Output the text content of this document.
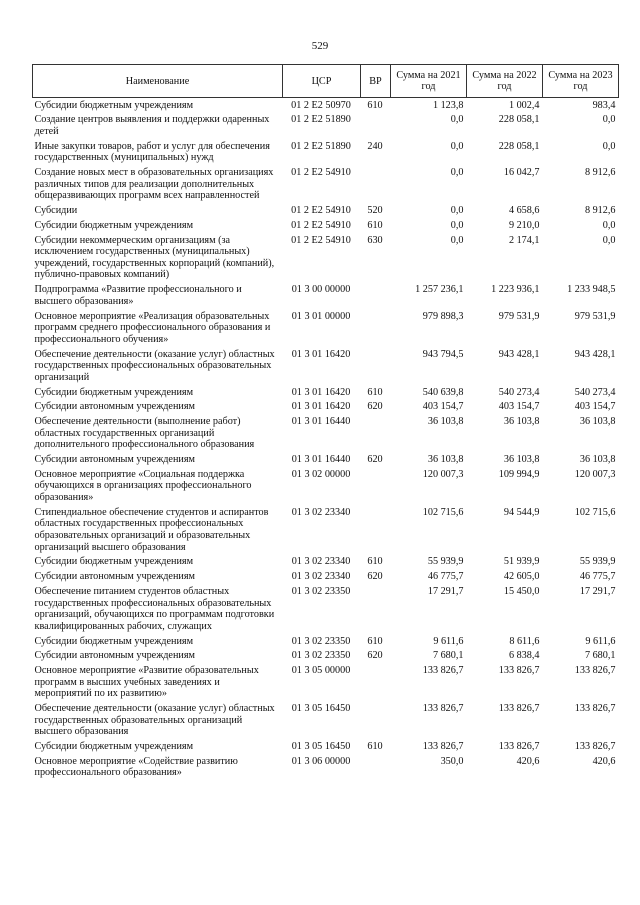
529
Наименование	ЦСР	ВР	Сумма на 2021 год	Сумма на 2022 год	Сумма на 2023 год
Субсидии бюджетным учреждениям	01 2 E2 50970	610	1 123,8	1 002,4	983,4
Создание центров выявления и поддержки одаренных детей	01 2 E2 51890		0,0	228 058,1	0,0
Иные закупки товаров, работ и услуг для обеспечения государственных (муниципальных) нужд	01 2 E2 51890	240	0,0	228 058,1	0,0
Создание новых мест в образовательных организациях различных типов для реализации дополнительных общеразвивающих программ всех направленностей	01 2 E2 54910		0,0	16 042,7	8 912,6
Субсидии	01 2 E2 54910	520	0,0	4 658,6	8 912,6
Субсидии бюджетным учреждениям	01 2 E2 54910	610	0,0	9 210,0	0,0
Субсидии некоммерческим организациям (за исключением государственных (муниципальных) учреждений, государственных корпораций (компаний), публично-правовых компаний)	01 2 E2 54910	630	0,0	2 174,1	0,0
Подпрограмма «Развитие профессионального и высшего образования»	01 3 00 00000		1 257 236,1	1 223 936,1	1 233 948,5
Основное мероприятие «Реализация образовательных программ среднего профессионального образования и профессионального обучения»	01 3 01 00000		979 898,3	979 531,9	979 531,9
Обеспечение деятельности (оказание услуг) областных государственных профессиональных образовательных организаций	01 3 01 16420		943 794,5	943 428,1	943 428,1
Субсидии бюджетным учреждениям	01 3 01 16420	610	540 639,8	540 273,4	540 273,4
Субсидии автономным учреждениям	01 3 01 16420	620	403 154,7	403 154,7	403 154,7
Обеспечение деятельности (выполнение работ) областных государственных организаций дополнительного профессионального образования	01 3 01 16440		36 103,8	36 103,8	36 103,8
Субсидии автономным учреждениям	01 3 01 16440	620	36 103,8	36 103,8	36 103,8
Основное мероприятие «Социальная поддержка обучающихся в организациях профессионального образования»	01 3 02 00000		120 007,3	109 994,9	120 007,3
Стипендиальное обеспечение студентов и аспирантов областных государственных профессиональных образовательных организаций и образовательных организаций высшего образования	01 3 02 23340		102 715,6	94 544,9	102 715,6
Субсидии бюджетным учреждениям	01 3 02 23340	610	55 939,9	51 939,9	55 939,9
Субсидии автономным учреждениям	01 3 02 23340	620	46 775,7	42 605,0	46 775,7
Обеспечение питанием студентов областных государственных профессиональных образовательных организаций, обучающихся по программам подготовки квалифицированных рабочих, служащих	01 3 02 23350		17 291,7	15 450,0	17 291,7
Субсидии бюджетным учреждениям	01 3 02 23350	610	9 611,6	8 611,6	9 611,6
Субсидии автономным учреждениям	01 3 02 23350	620	7 680,1	6 838,4	7 680,1
Основное мероприятие «Развитие образовательных программ в высших учебных заведениях и мероприятий по их развитию»	01 3 05 00000		133 826,7	133 826,7	133 826,7
Обеспечение деятельности (оказание услуг) областных государственных образовательных организаций высшего образования	01 3 05 16450		133 826,7	133 826,7	133 826,7
Субсидии бюджетным учреждениям	01 3 05 16450	610	133 826,7	133 826,7	133 826,7
Основное мероприятие «Содействие развитию профессионального образования»	01 3 06 00000		350,0	420,6	420,6
